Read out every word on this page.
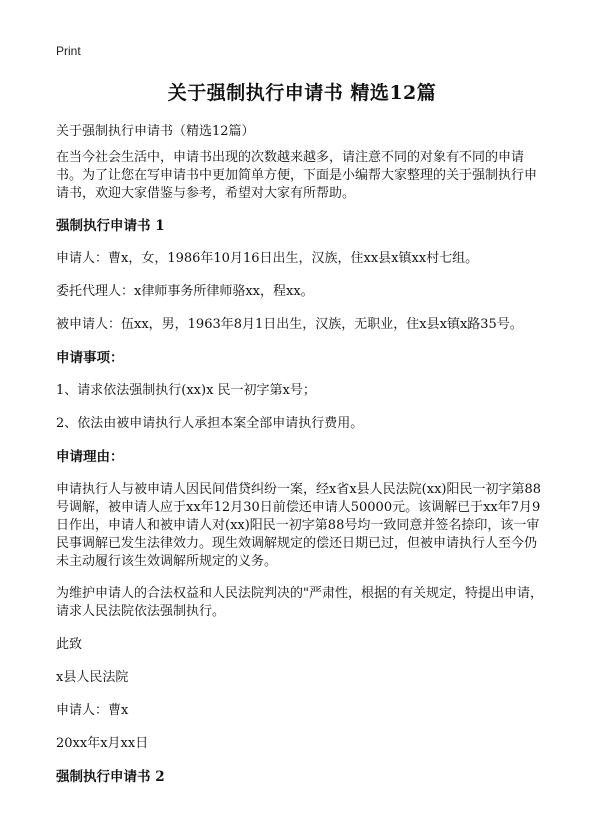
Print
关于强制执行申请书 精选12篇

关于强制执行申请书（精选12篇）

在当今社会生活中，申请书出现的次数越来越多，请注意不同的对象有不同的申请书。为了让您在写申请书中更加简单方便，下面是小编帮大家整理的关于强制执行申请书，欢迎大家借鉴与参考，希望对大家有所帮助。

强制执行申请书 1

申请人：曹x，女，1986年10月16日出生，汉族，住xx县x镇xx村七组。

委托代理人：x律师事务所律师骆xx，程xx。

被申请人：伍xx，男，1963年8月1日出生，汉族，无职业，住x县x镇x路35号。

申请事项：

1、请求依法强制执行(xx)x 民一初字第x号；

2、依法由被申请执行人承担本案全部申请执行费用。

申请理由：

申请执行人与被申请人因民间借贷纠纷一案，经x省x县人民法院(xx)阳民一初字第88号调解，被申请人应于xx年12月30日前偿还申请人50000元。该调解已于xx年7月9日作出，申请人和被申请人对(xx)阳民一初字第88号均一致同意并签名捺印，该一审民事调解已发生法律效力。现生效调解规定的偿还日期已过，但被申请执行人至今仍未主动履行该生效调解所规定的义务。

为维护申请人的合法权益和人民法院判决的"严肃性，根据的有关规定，特提出申请，请求人民法院依法强制执行。

此致

x县人民法院

申请人：曹x

20xx年x月xx日

强制执行申请书 2
